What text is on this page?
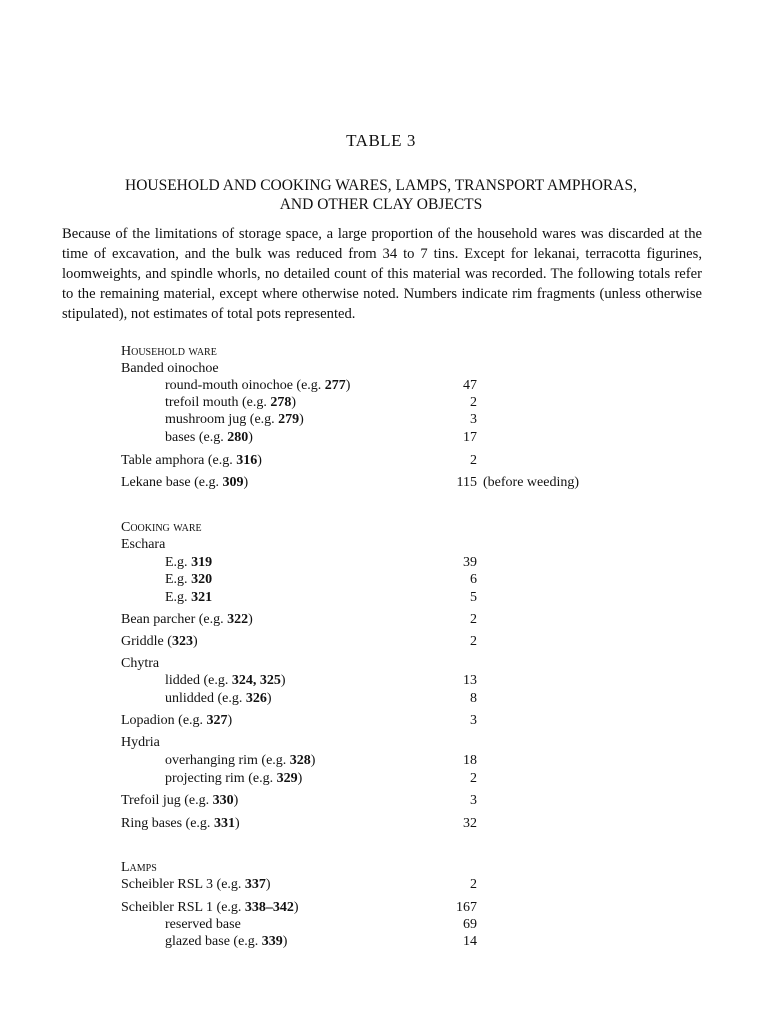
TABLE 3
HOUSEHOLD AND COOKING WARES, LAMPS, TRANSPORT AMPHORAS,
AND OTHER CLAY OBJECTS
Because of the limitations of storage space, a large proportion of the household wares was discarded at the time of excavation, and the bulk was reduced from 34 to 7 tins. Except for lekanai, terracotta figurines, loomweights, and spindle whorls, no detailed count of this material was recorded. The following totals refer to the remaining material, except where otherwise noted. Numbers indicate rim fragments (unless otherwise stipulated), not estimates of total pots represented.
Household ware
Banded oinochoe
round-mouth oinochoe (e.g. 277)	47
trefoil mouth (e.g. 278)	2
mushroom jug (e.g. 279)	3
bases (e.g. 280)	17
Table amphora (e.g. 316)	2
Lekane base (e.g. 309)	115 (before weeding)
Cooking ware
Eschara
E.g. 319	39
E.g. 320	6
E.g. 321	5
Bean parcher (e.g. 322)	2
Griddle (323)	2
Chytra
lidded (e.g. 324, 325)	13
unlidded (e.g. 326)	8
Lopadion (e.g. 327)	3
Hydria
overhanging rim (e.g. 328)	18
projecting rim (e.g. 329)	2
Trefoil jug (e.g. 330)	3
Ring bases (e.g. 331)	32
Lamps
Scheibler RSL 3 (e.g. 337)	2
Scheibler RSL 1 (e.g. 338–342)	167
reserved base	69
glazed base (e.g. 339)	14
